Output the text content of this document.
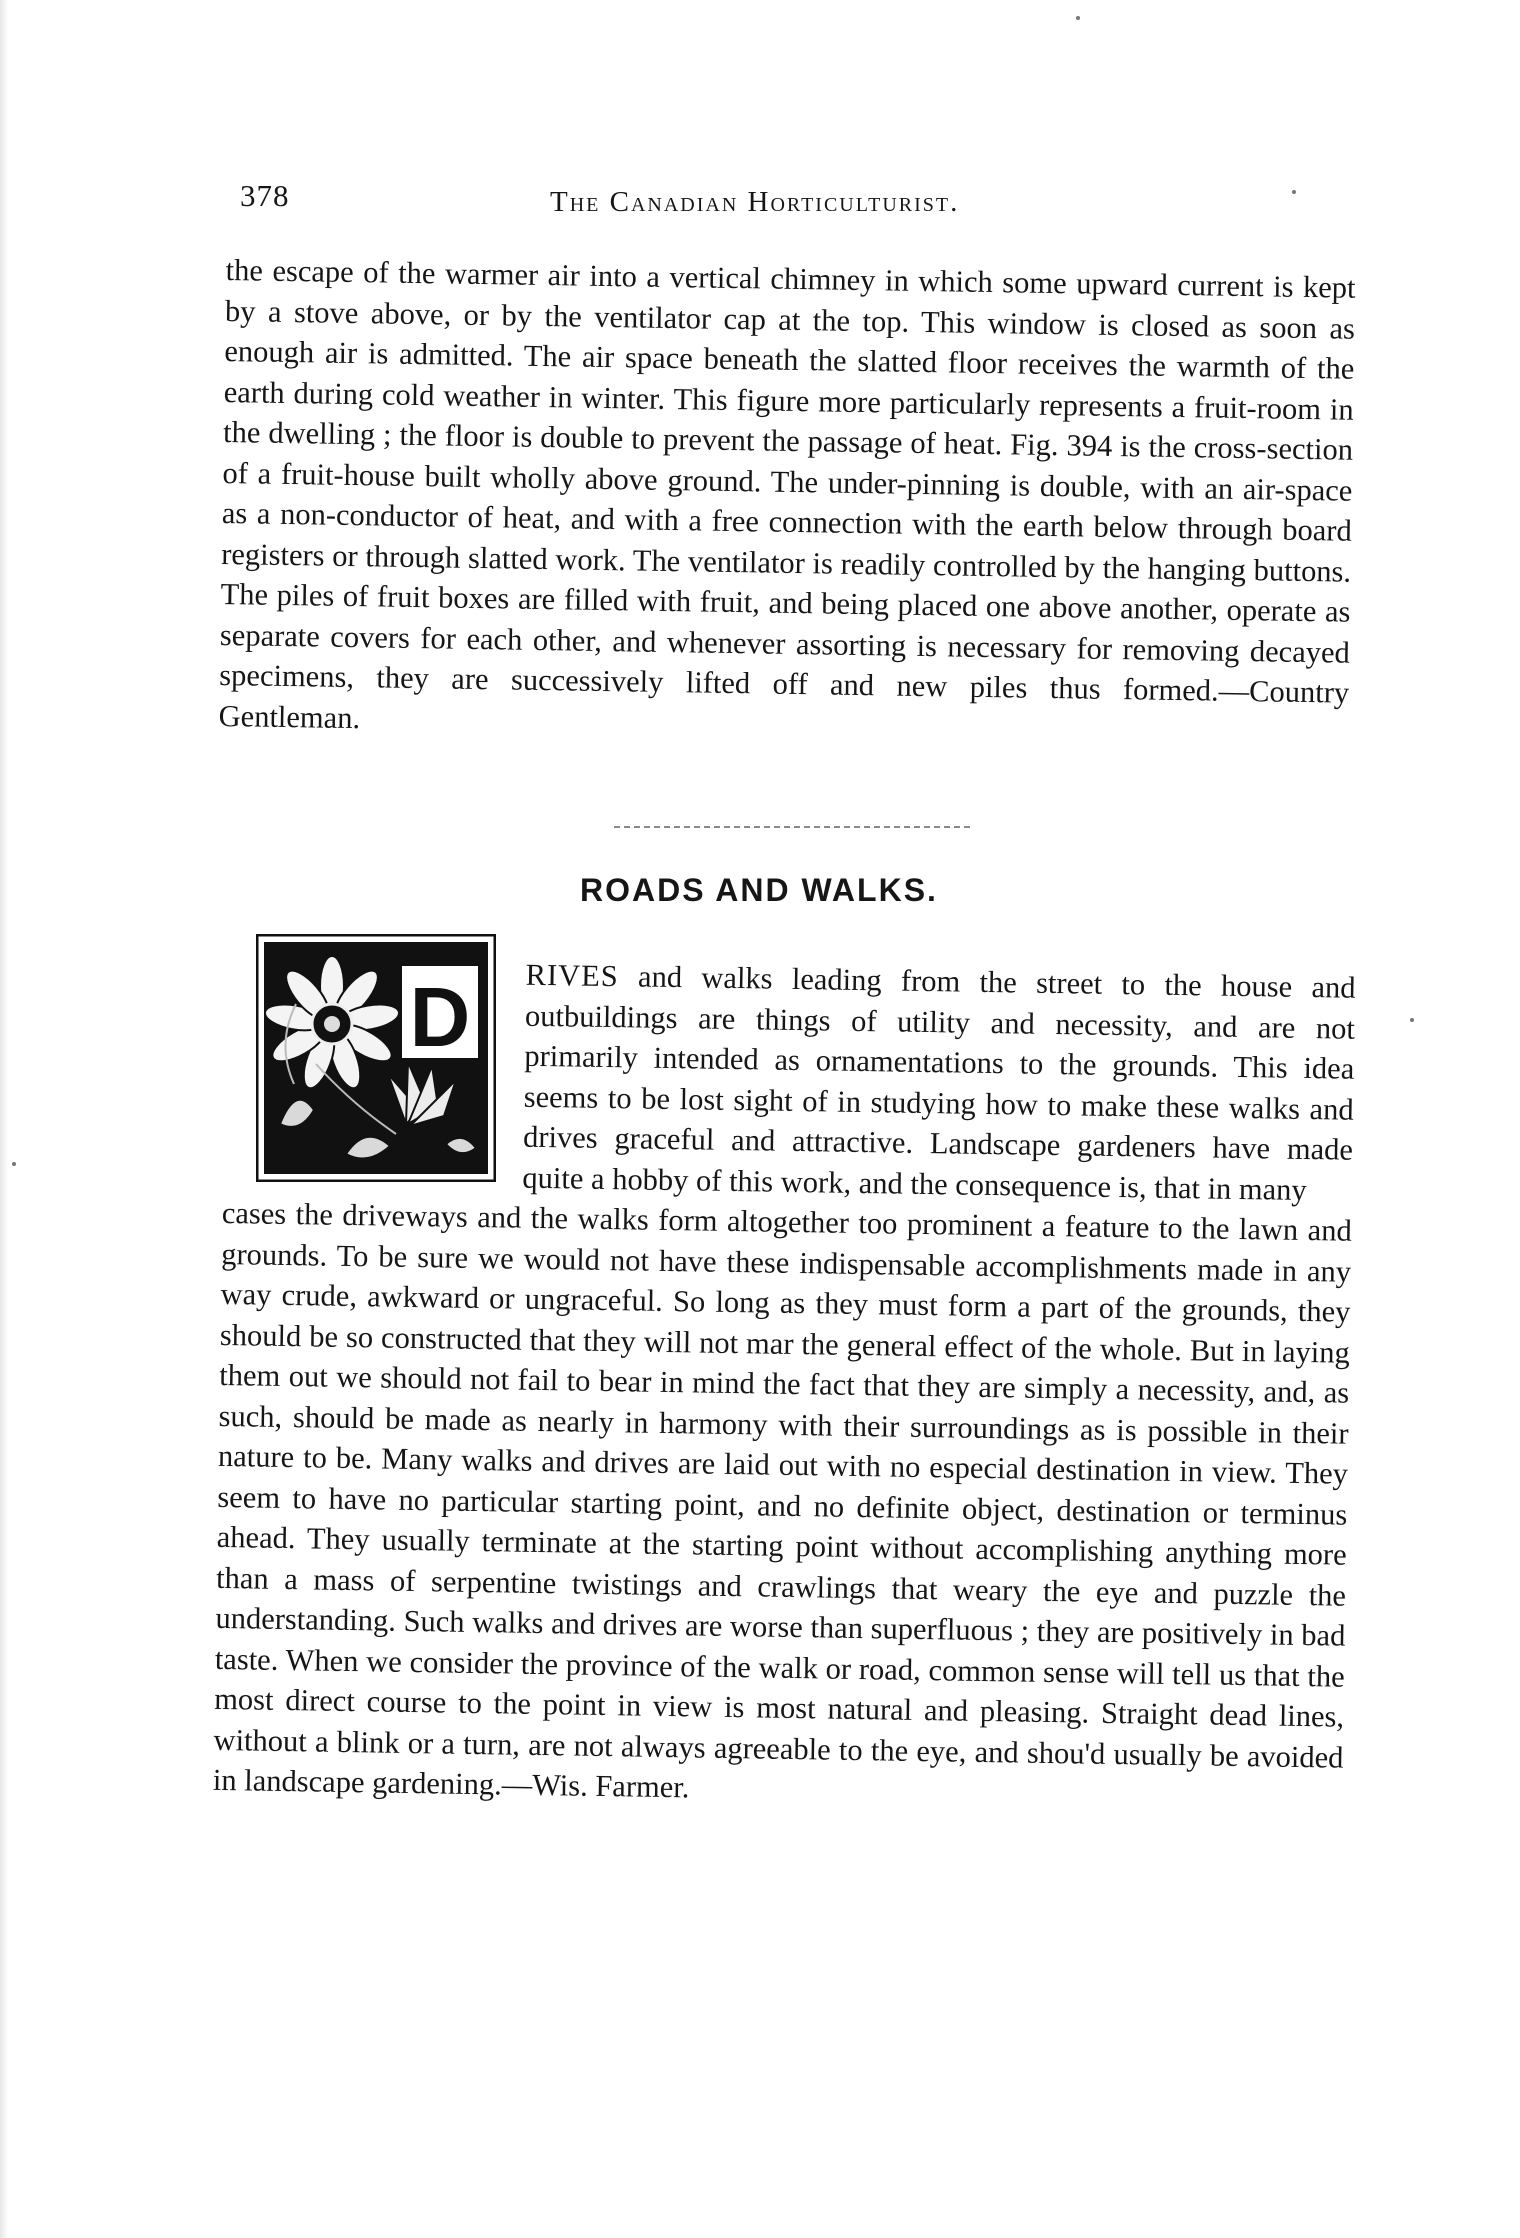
378	The Canadian Horticulturist.
the escape of the warmer air into a vertical chimney in which some upward current is kept by a stove above, or by the ventilator cap at the top. This window is closed as soon as enough air is admitted. The air space beneath the slatted floor receives the warmth of the earth during cold weather in winter. This figure more particularly represents a fruit-room in the dwelling ; the floor is double to prevent the passage of heat. Fig. 394 is the cross-section of a fruit-house built wholly above ground. The under-pinning is double, with an air-space as a non-conductor of heat, and with a free connection with the earth below through board registers or through slatted work. The ventilator is readily controlled by the hanging buttons. The piles of fruit boxes are filled with fruit, and being placed one above another, operate as separate covers for each other, and whenever assorting is necessary for removing decayed specimens, they are successively lifted off and new piles thus formed.—Country Gentleman.
ROADS AND WALKS.
D	RIVES and walks leading from the street to the house and outbuildings are things of utility and necessity, and are not primarily intended as ornamentations to the grounds. This idea seems to be lost sight of in studying how to make these walks and drives graceful and attractive. Landscape gardeners have made quite a hobby of this work, and the consequence is, that in many
cases the driveways and the walks form altogether too prominent a feature to the lawn and grounds. To be sure we would not have these indispensable accomplishments made in any way crude, awkward or ungraceful. So long as they must form a part of the grounds, they should be so constructed that they will not mar the general effect of the whole. But in laying them out we should not fail to bear in mind the fact that they are simply a necessity, and, as such, should be made as nearly in harmony with their surroundings as is possible in their nature to be. Many walks and drives are laid out with no especial destination in view. They seem to have no particular starting point, and no definite object, destination or terminus ahead. They usually terminate at the starting point without accomplishing anything more than a mass of serpentine twistings and crawlings that weary the eye and puzzle the understanding. Such walks and drives are worse than superfluous ; they are positively in bad taste. When we consider the province of the walk or road, common sense will tell us that the most direct course to the point in view is most natural and pleasing. Straight dead lines, without a blink or a turn, are not always agreeable to the eye, and shou'd usually be avoided in landscape gardening.—Wis. Farmer.
